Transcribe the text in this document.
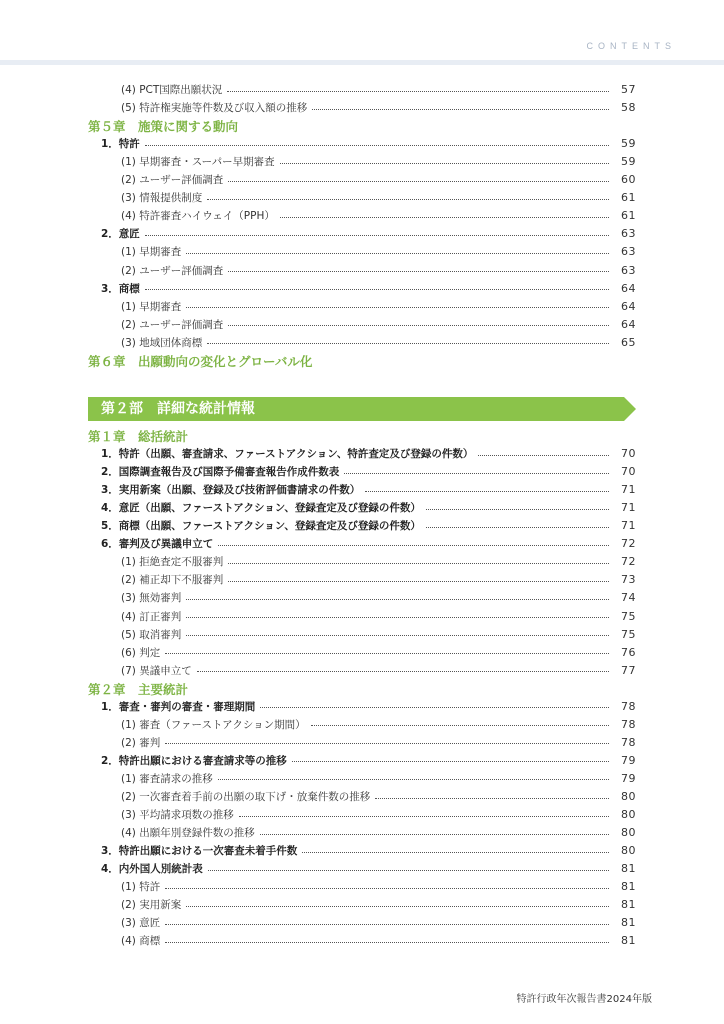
CONTENTS
(4) PCT国際出願状況	57
(5) 特許権実施等件数及び収入額の推移	58
第５章　施策に関する動向
1．特許	59
(1) 早期審査・スーパー早期審査	59
(2) ユーザー評価調査	60
(3) 情報提供制度	61
(4) 特許審査ハイウェイ（PPH）	61
2．意匠	63
(1) 早期審査	63
(2) ユーザー評価調査	63
3．商標	64
(1) 早期審査	64
(2) ユーザー評価調査	64
(3) 地域団体商標	65
第６章　出願動向の変化とグローバル化
第１章　総括統計
1．特許（出願、審査請求、ファーストアクション、特許査定及び登録の件数）	70
2．国際調査報告及び国際予備審査報告作成件数表	70
3．実用新案（出願、登録及び技術評価書請求の件数）	71
4．意匠（出願、ファーストアクション、登録査定及び登録の件数）	71
5．商標（出願、ファーストアクション、登録査定及び登録の件数）	71
6．審判及び異議申立て	72
(1) 拒絶査定不服審判	72
(2) 補正却下不服審判	73
(3) 無効審判	74
(4) 訂正審判	75
(5) 取消審判	75
(6) 判定	76
(7) 異議申立て	77
第２章　主要統計
1．審査・審判の審査・審理期間	78
(1) 審査（ファーストアクション期間）	78
(2) 審判	78
2．特許出願における審査請求等の推移	79
(1) 審査請求の推移	79
(2) 一次審査着手前の出願の取下げ・放棄件数の推移	80
(3) 平均請求項数の推移	80
(4) 出願年別登録件数の推移	80
3．特許出願における一次審査未着手件数	80
4．内外国人別統計表	81
(1) 特許	81
(2) 実用新案	81
(3) 意匠	81
(4) 商標	81
第２部　詳細な統計情報
特許行政年次報告書2024年版
